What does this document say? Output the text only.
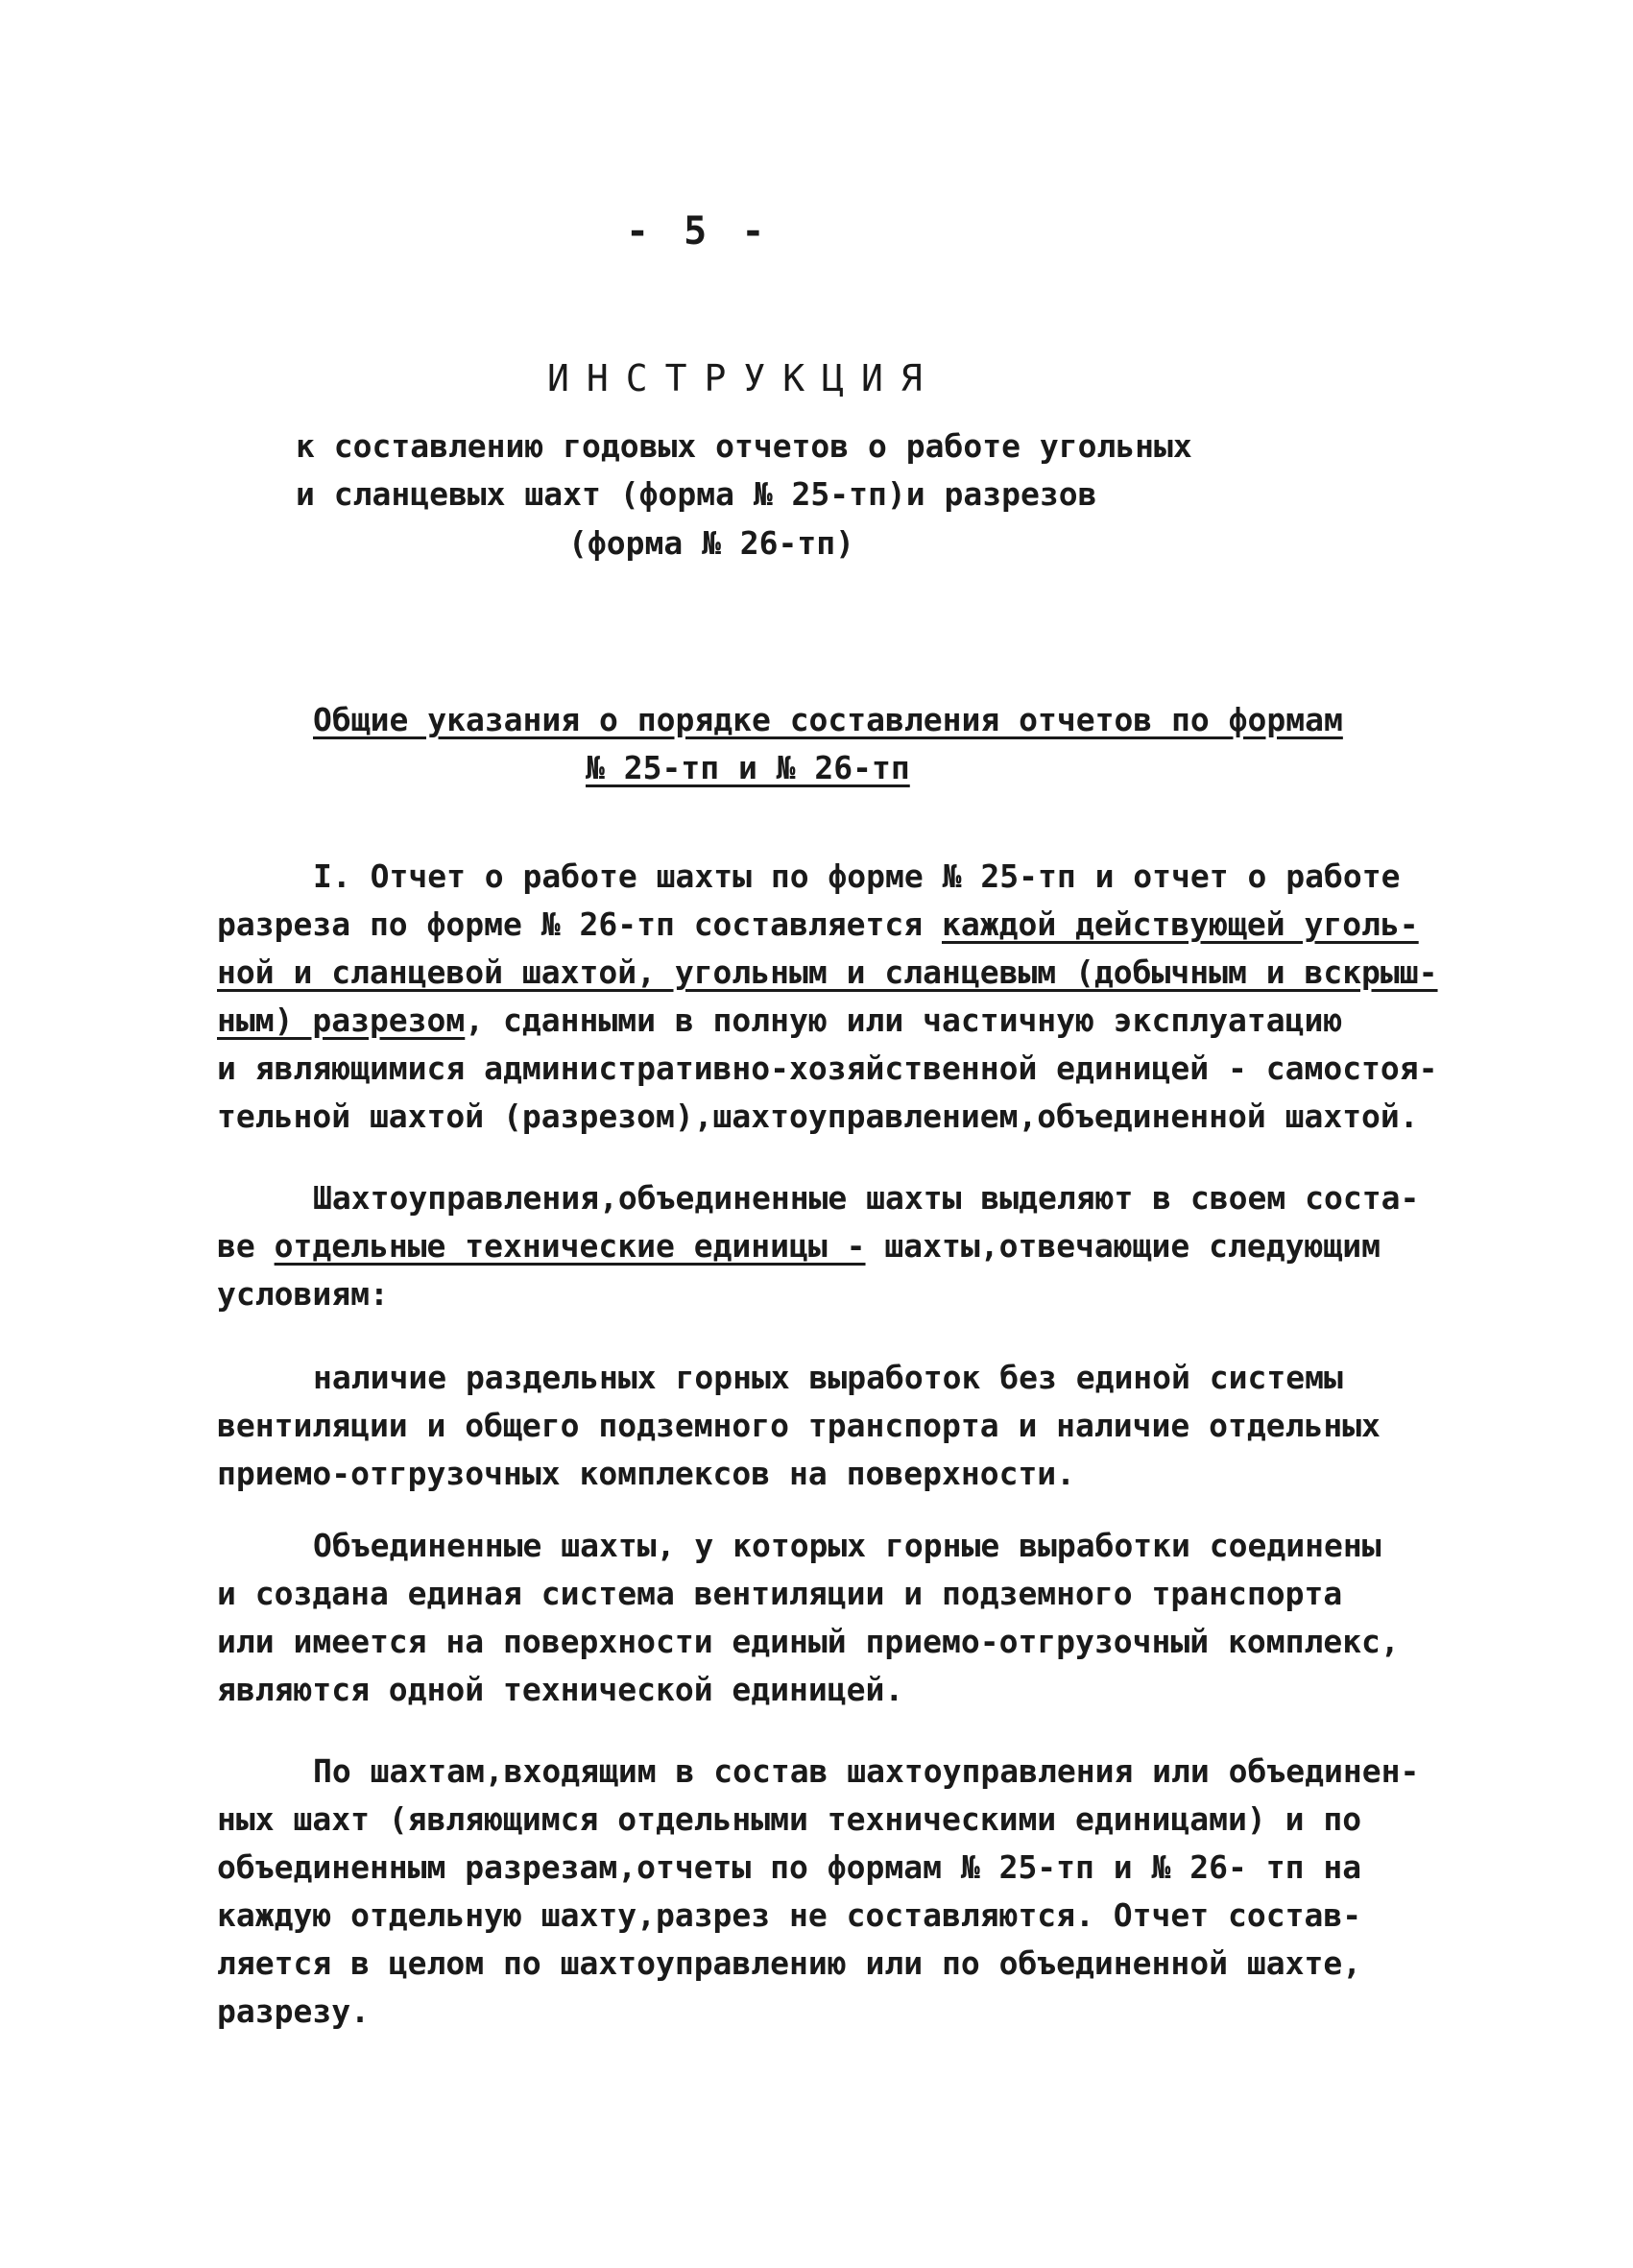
- 5 -
ИНСТРУКЦИЯ
к составлению годовых отчетов о работе угольных
и сланцевых шахт (форма № 25-тп)и разрезов
(форма № 26-тп)
Общие указания о порядке составления отчетов по формам
№ 25-тп и № 26-тп
I. Отчет о работе шахты по форме № 25-тп и отчет о работе
разреза по форме № 26-тп составляется каждой действующей уголь-
ной и сланцевой шахтой, угольным и сланцевым (добычным и вскрыш-
ным) разрезом, сданными в полную или частичную эксплуатацию
и являющимися административно-хозяйственной единицей - самостоя-
тельной шахтой (разрезом),шахтоуправлением,объединенной шахтой.
Шахтоуправления,объединенные шахты выделяют в своем соста-
ве отдельные технические единицы - шахты,отвечающие следующим
условиям:
наличие раздельных горных выработок без единой системы
вентиляции и общего подземного транспорта и наличие отдельных
приемо-отгрузочных комплексов на поверхности.
Объединенные шахты, у которых горные выработки соединены
и создана единая система вентиляции и подземного транспорта
или имеется на поверхности единый приемо-отгрузочный комплекс,
являются одной технической единицей.
По шахтам,входящим в состав шахтоуправления или объединен-
ных шахт (являющимся отдельными техническими единицами) и по
объединенным разрезам,отчеты по формам № 25-тп и № 26- тп на
каждую отдельную шахту,разрез не составляются. Отчет состав-
ляется в целом по шахтоуправлению или по объединенной шахте,
разрезу.
